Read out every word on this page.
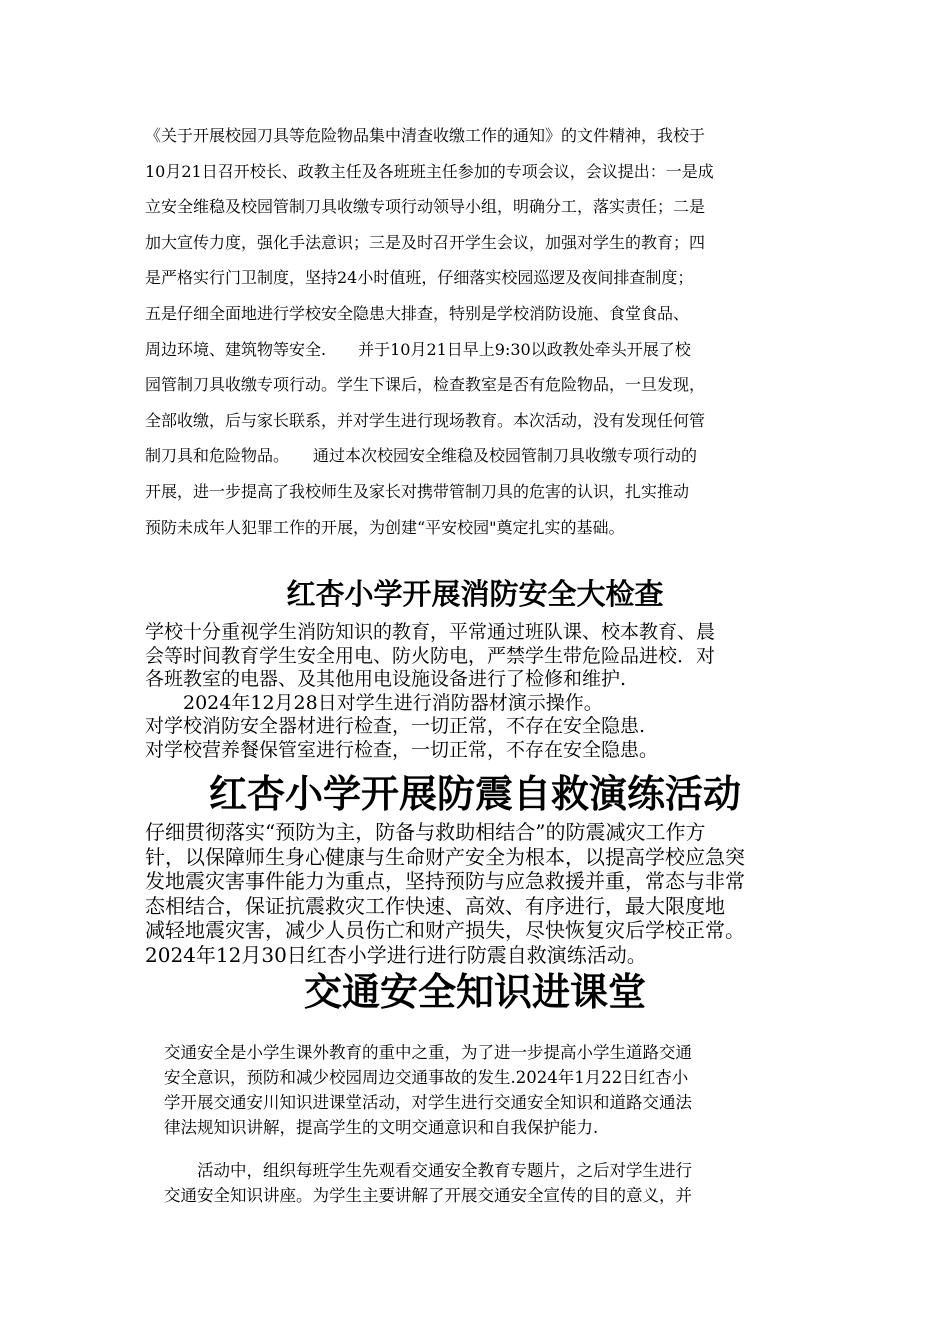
《关于开展校园刀具等危险物品集中清查收缴工作的通知》的文件精神，我校于
10月21日召开校长、政教主任及各班班主任参加的专项会议，会议提出：一是成
立安全维稳及校园管制刀具收缴专项行动领导小组，明确分工，落实责任；二是
加大宣传力度，强化手法意识；三是及时召开学生会议，加强对学生的教育；四
是严格实行门卫制度，坚持24小时值班，仔细落实校园巡逻及夜间排查制度；
五是仔细全面地进行学校安全隐患大排查，特别是学校消防设施、食堂食品、
周边环境、建筑物等安全.　　并于10月21日早上9:30以政教处牵头开展了校
园管制刀具收缴专项行动。学生下课后，检查教室是否有危险物品，一旦发现，
全部收缴，后与家长联系，并对学生进行现场教育。本次活动，没有发现任何管
制刀具和危险物品。　　通过本次校园安全维稳及校园管制刀具收缴专项行动的
开展，进一步提高了我校师生及家长对携带管制刀具的危害的认识，扎实推动
预防未成年人犯罪工作的开展，为创建“平安校园"奠定扎实的基础。
红杏小学开展消防安全大检查
学校十分重视学生消防知识的教育，平常通过班队课、校本教育、晨
会等时间教育学生安全用电、防火防电，严禁学生带危险品进校．对
各班教室的电器、及其他用电设施设备进行了检修和维护.
　　2024年12月28日对学生进行消防器材演示操作。
对学校消防安全器材进行检查，一切正常，不存在安全隐患.
对学校营养餐保管室进行检查，一切正常，不存在安全隐患。
红杏小学开展防震自救演练活动
仔细贯彻落实“预防为主，防备与救助相结合”的防震减灾工作方
针，以保障师生身心健康与生命财产安全为根本，以提高学校应急突
发地震灾害事件能力为重点，坚持预防与应急救援并重，常态与非常
态相结合，保证抗震救灾工作快速、高效、有序进行，最大限度地
减轻地震灾害，减少人员伤亡和财产损失，尽快恢复灾后学校正常。
2024年12月30日红杏小学进行进行防震自救演练活动。
交通安全知识进课堂
交通安全是小学生课外教育的重中之重，为了进一步提高小学生道路交通
安全意识，预防和减少校园周边交通事故的发生.2024年1月22日红杏小
学开展交通安川知识进课堂活动，对学生进行交通安全知识和道路交通法
律法规知识讲解，提高学生的文明交通意识和自我保护能力.
　　活动中，组织每班学生先观看交通安全教育专题片，之后对学生进行
交通安全知识讲座。为学生主要讲解了开展交通安全宣传的目的意义，并
